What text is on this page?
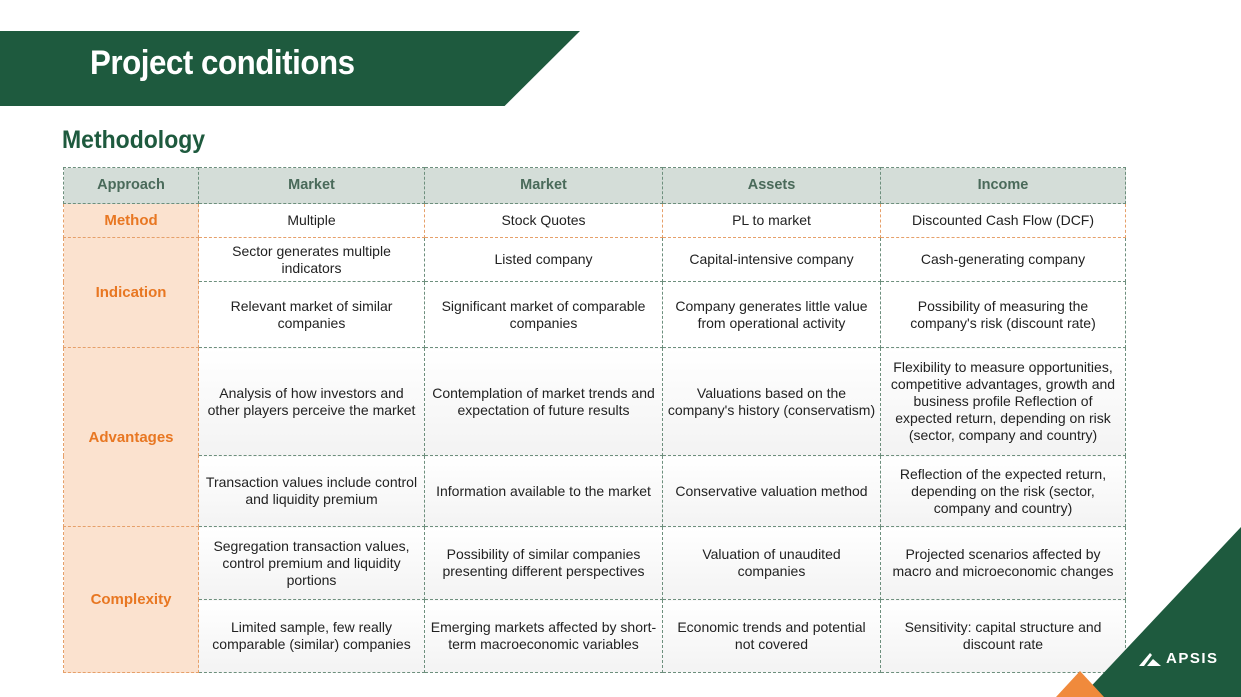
Project conditions
Methodology
Approach	Market	Market	Assets	Income
Method	Multiple	Stock Quotes	PL to market	Discounted Cash Flow (DCF)
Indication	Sector generates multiple indicators	Listed company	Capital-intensive company	Cash-generating company
	Relevant market of similar companies	Significant market of comparable companies	Company generates little value from operational activity	Possibility of measuring the company's risk (discount rate)
Advantages	Analysis of how investors and other players perceive the market	Contemplation of market trends and expectation of future results	Valuations based on the company's history (conservatism)	Flexibility to measure opportunities, competitive advantages, growth and business profile Reflection of expected return, depending on risk (sector, company and country)
	Transaction values include control and liquidity premium	Information available to the market	Conservative valuation method	Reflection of the expected return, depending on the risk (sector, company and country)
Complexity	Segregation transaction values, control premium and liquidity portions	Possibility of similar companies presenting different perspectives	Valuation of unaudited companies	Projected scenarios affected by macro and microeconomic changes
	Limited sample, few really comparable (similar) companies	Emerging markets affected by short-term macroeconomic variables	Economic trends and potential not covered	Sensitivity: capital structure and discount rate
APSIS
